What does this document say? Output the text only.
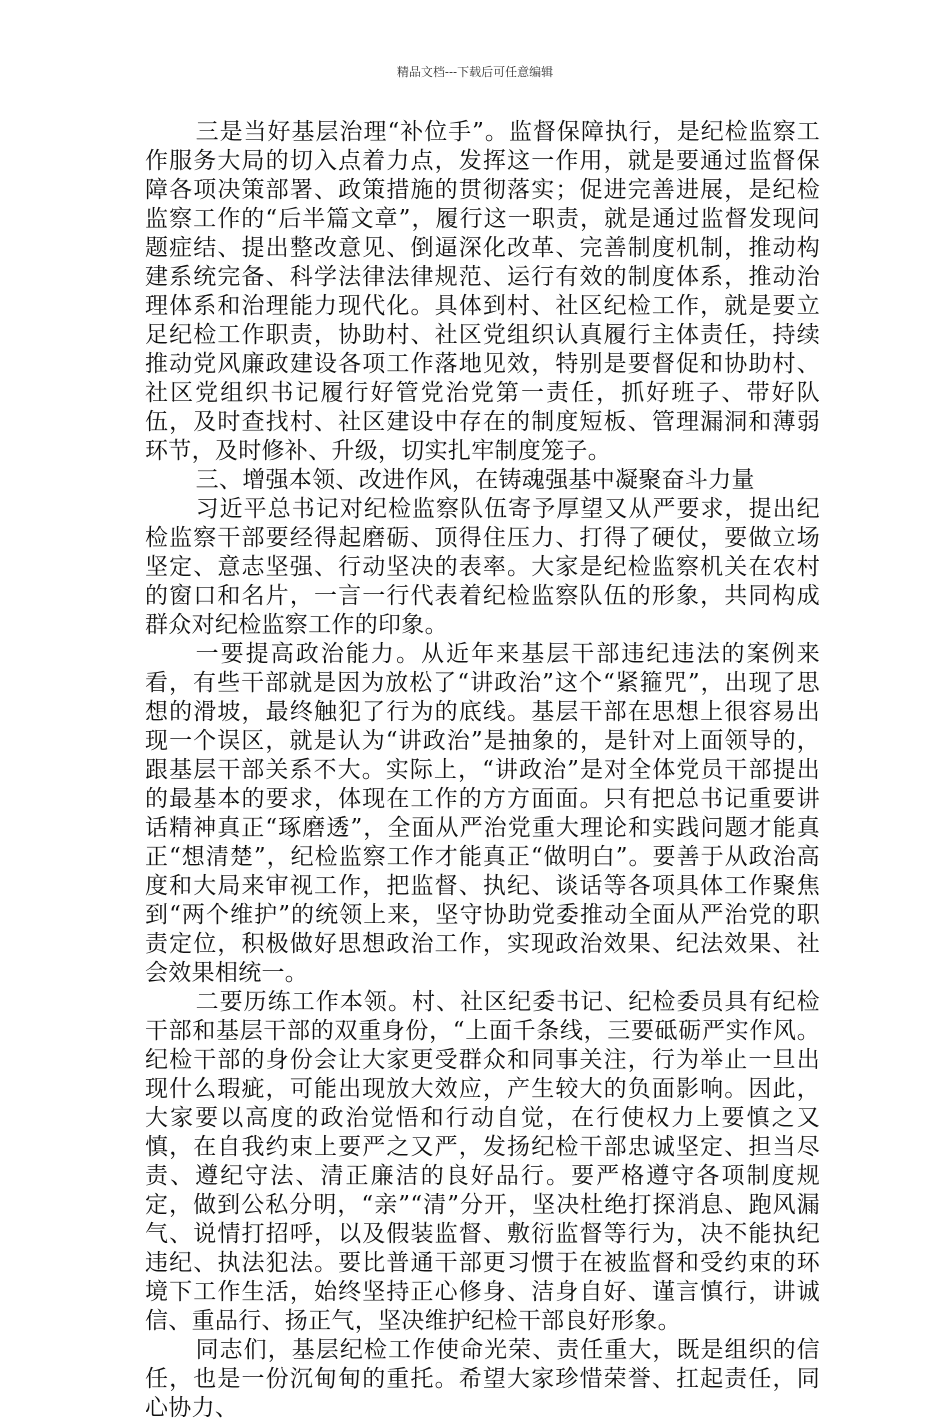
精品文档---下载后可任意编辑

三是当好基层治理“补位手”。监督保障执行，是纪检监察工作服务大局的切入点着力点，发挥这一作用，就是要通过监督保障各项决策部署、政策措施的贯彻落实；促进完善进展，是纪检监察工作的“后半篇文章”，履行这一职责，就是通过监督发现问题症结、提出整改意见、倒逼深化改革、完善制度机制，推动构建系统完备、科学法律法律规范、运行有效的制度体系，推动治理体系和治理能力现代化。具体到村、社区纪检工作，就是要立足纪检工作职责，协助村、社区党组织认真履行主体责任，持续推动党风廉政建设各项工作落地见效，特别是要督促和协助村、社区党组织书记履行好管党治党第一责任，抓好班子、带好队伍，及时查找村、社区建设中存在的制度短板、管理漏洞和薄弱环节，及时修补、升级，切实扎牢制度笼子。

三、增强本领、改进作风，在铸魂强基中凝聚奋斗力量

习近平总书记对纪检监察队伍寄予厚望又从严要求，提出纪检监察干部要经得起磨砺、顶得住压力、打得了硬仗，要做立场坚定、意志坚强、行动坚决的表率。大家是纪检监察机关在农村的窗口和名片，一言一行代表着纪检监察队伍的形象，共同构成群众对纪检监察工作的印象。

一要提高政治能力。从近年来基层干部违纪违法的案例来看，有些干部就是因为放松了“讲政治”这个“紧箍咒”，出现了思想的滑坡，最终触犯了行为的底线。基层干部在思想上很容易出现一个误区，就是认为“讲政治”是抽象的，是针对上面领导的，跟基层干部关系不大。实际上，“讲政治”是对全体党员干部提出的最基本的要求，体现在工作的方方面面。只有把总书记重要讲话精神真正“琢磨透”，全面从严治党重大理论和实践问题才能真正“想清楚”，纪检监察工作才能真正“做明白”。要善于从政治高度和大局来审视工作，把监督、执纪、谈话等各项具体工作聚焦到“两个维护”的统领上来，坚守协助党委推动全面从严治党的职责定位，积极做好思想政治工作，实现政治效果、纪法效果、社会效果相统一。

二要历练工作本领。村、社区纪委书记、纪检委员具有纪检干部和基层干部的双重身份，“上面千条线，三要砥砺严实作风。纪检干部的身份会让大家更受群众和同事关注，行为举止一旦出现什么瑕疵，可能出现放大效应，产生较大的负面影响。因此，大家要以高度的政治觉悟和行动自觉，在行使权力上要慎之又慎，在自我约束上要严之又严，发扬纪检干部忠诚坚定、担当尽责、遵纪守法、清正廉洁的良好品行。要严格遵守各项制度规定，做到公私分明，“亲”“清”分开，坚决杜绝打探消息、跑风漏气、说情打招呼，以及假装监督、敷衍监督等行为，决不能执纪违纪、执法犯法。要比普通干部更习惯于在被监督和受约束的环境下工作生活，始终坚持正心修身、洁身自好、谨言慎行，讲诚信、重品行、扬正气，坚决维护纪检干部良好形象。

同志们，基层纪检工作使命光荣、责任重大，既是组织的信任，也是一份沉甸甸的重托。希望大家珍惜荣誉、扛起责任，同心协力、
